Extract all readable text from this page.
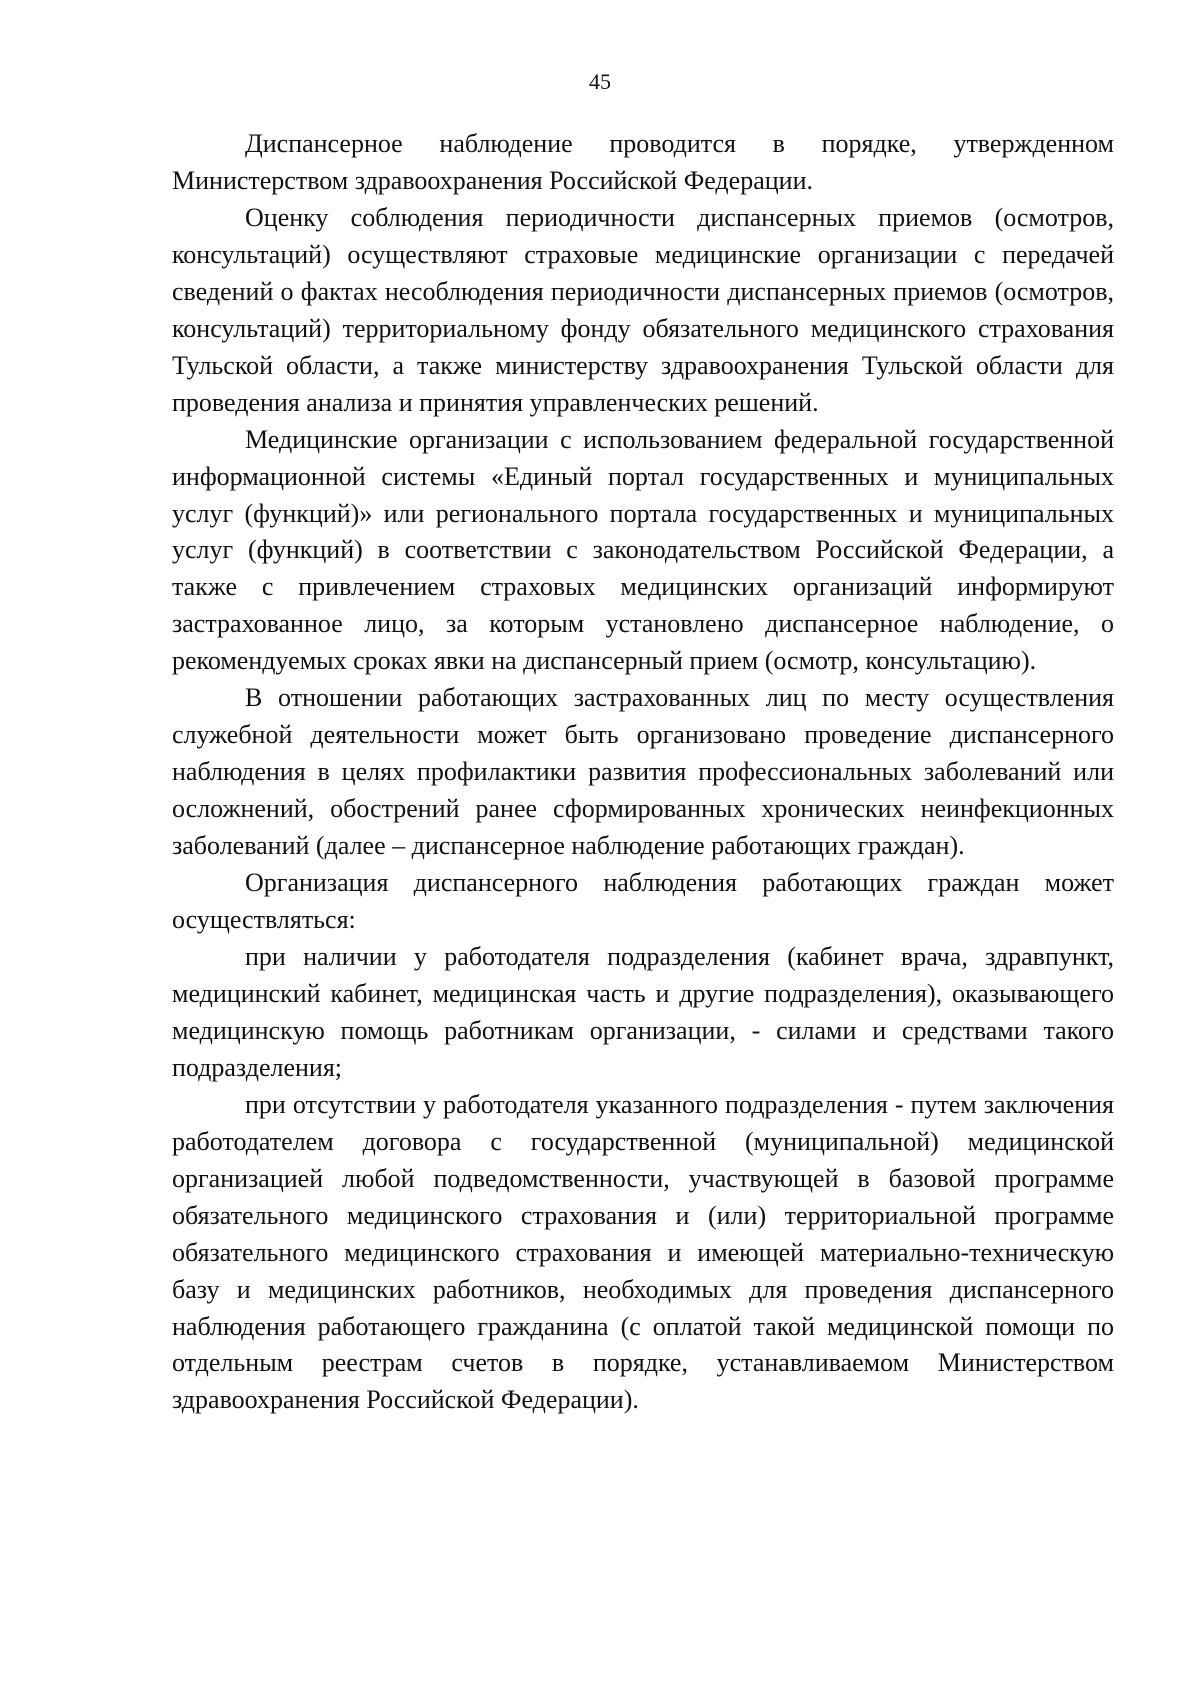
45

Диспансерное наблюдение проводится в порядке, утвержденном Министерством здравоохранения Российской Федерации.

Оценку соблюдения периодичности диспансерных приемов (осмотров, консультаций) осуществляют страховые медицинские организации с передачей сведений о фактах несоблюдения периодичности диспансерных приемов (осмотров, консультаций) территориальному фонду обязательного медицинского страхования Тульской области, а также министерству здравоохранения Тульской области для проведения анализа и принятия управленческих решений.

Медицинские организации с использованием федеральной государственной информационной системы «Единый портал государственных и муниципальных услуг (функций)» или регионального портала государственных и муниципальных услуг (функций) в соответствии с законодательством Российской Федерации, а также с привлечением страховых медицинских организаций информируют застрахованное лицо, за которым установлено диспансерное наблюдение, о рекомендуемых сроках явки на диспансерный прием (осмотр, консультацию).

В отношении работающих застрахованных лиц по месту осуществления служебной деятельности может быть организовано проведение диспансерного наблюдения в целях профилактики развития профессиональных заболеваний или осложнений, обострений ранее сформированных хронических неинфекционных заболеваний (далее – диспансерное наблюдение работающих граждан).

Организация диспансерного наблюдения работающих граждан может осуществляться:

при наличии у работодателя подразделения (кабинет врача, здравпункт, медицинский кабинет, медицинская часть и другие подразделения), оказывающего медицинскую помощь работникам организации, - силами и средствами такого подразделения;

при отсутствии у работодателя указанного подразделения - путем заключения работодателем договора с государственной (муниципальной) медицинской организацией любой подведомственности, участвующей в базовой программе обязательного медицинского страхования и (или) территориальной программе обязательного медицинского страхования и имеющей материально-техническую базу и медицинских работников, необходимых для проведения диспансерного наблюдения работающего гражданина (с оплатой такой медицинской помощи по отдельным реестрам счетов в порядке, устанавливаемом Министерством здравоохранения Российской Федерации).
